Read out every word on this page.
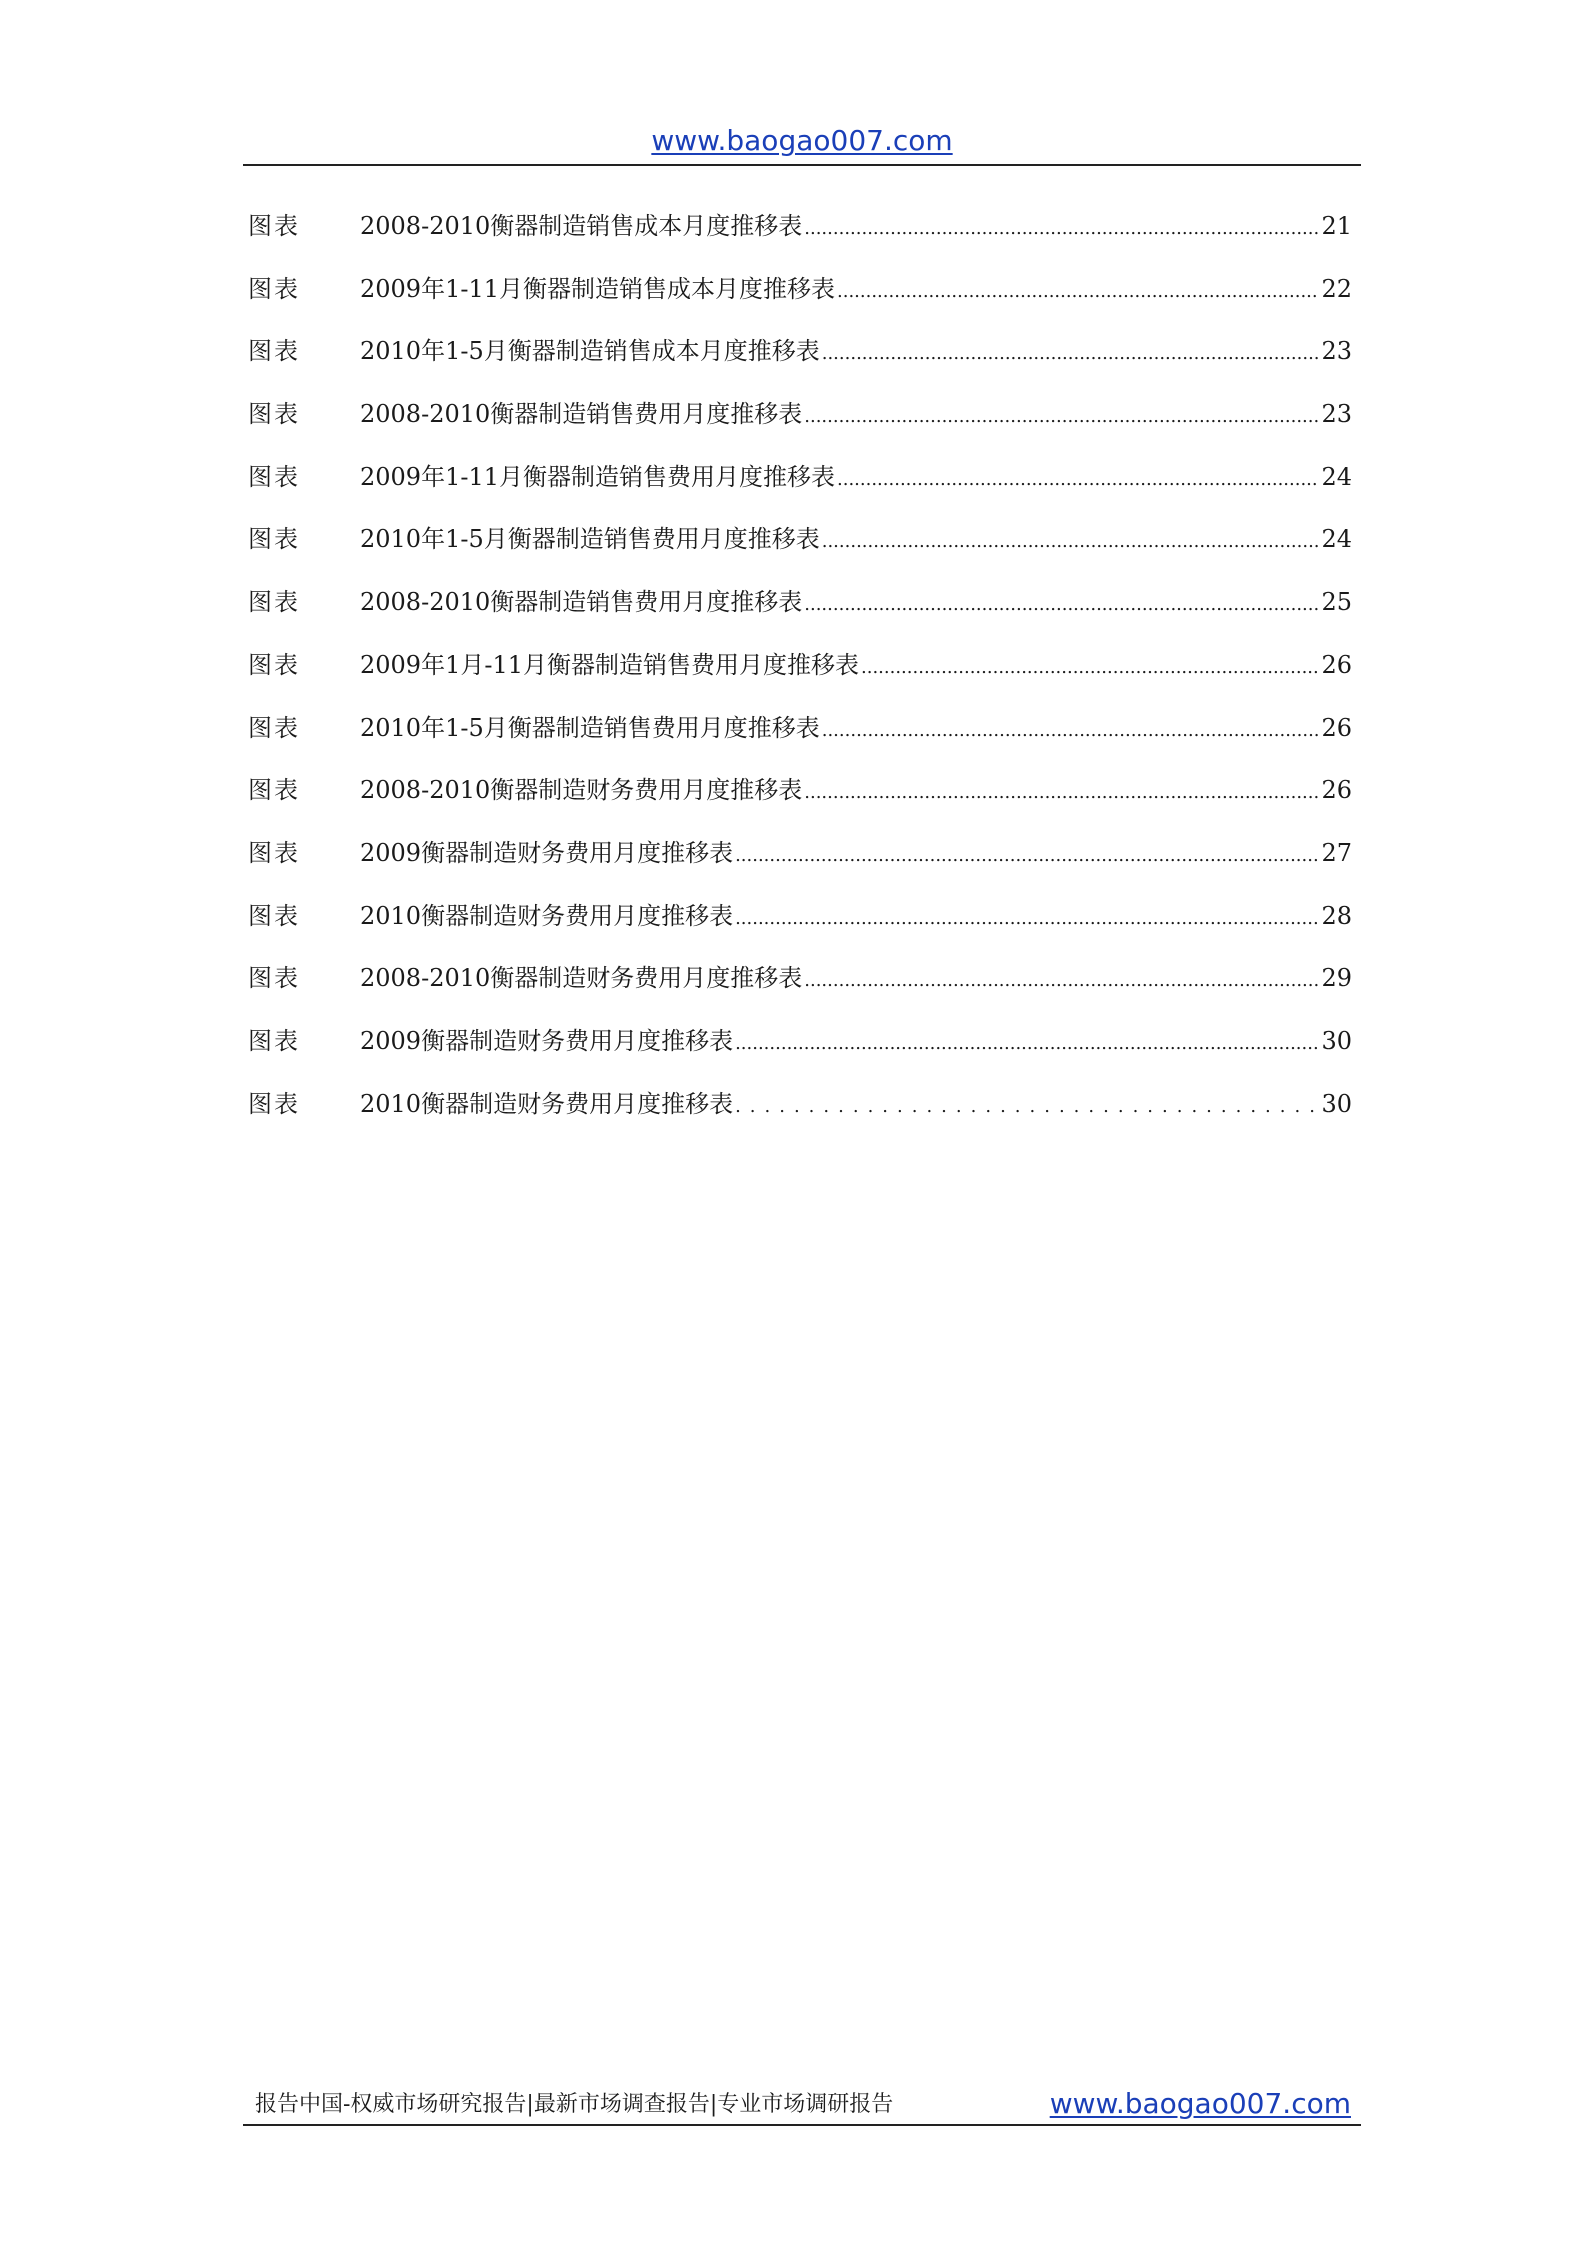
www.baogao007.com
图表	2008-2010衡器制造销售成本月度推移表 .....	21
图表	2009年1-11月衡器制造销售成本月度推移表 .....	22
图表	2010年1-5月衡器制造销售成本月度推移表 .....	23
图表	2008-2010衡器制造销售费用月度推移表 .....	23
图表	2009年1-11月衡器制造销售费用月度推移表 .....	24
图表	2010年1-5月衡器制造销售费用月度推移表 .....	24
图表	2008-2010衡器制造销售费用月度推移表 .....	25
图表	2009年1月-11月衡器制造销售费用月度推移表 .....	26
图表	2010年1-5月衡器制造销售费用月度推移表 .....	26
图表	2008-2010衡器制造财务费用月度推移表 .....	26
图表	2009衡器制造财务费用月度推移表 .....	27
图表	2010衡器制造财务费用月度推移表 .....	28
图表	2008-2010衡器制造财务费用月度推移表 .....	29
图表	2009衡器制造财务费用月度推移表 .....	30
图表	2010衡器制造财务费用月度推移表 .....	30
报告中国-权威市场研究报告|最新市场调查报告|专业市场调研报告	www.baogao007.com
